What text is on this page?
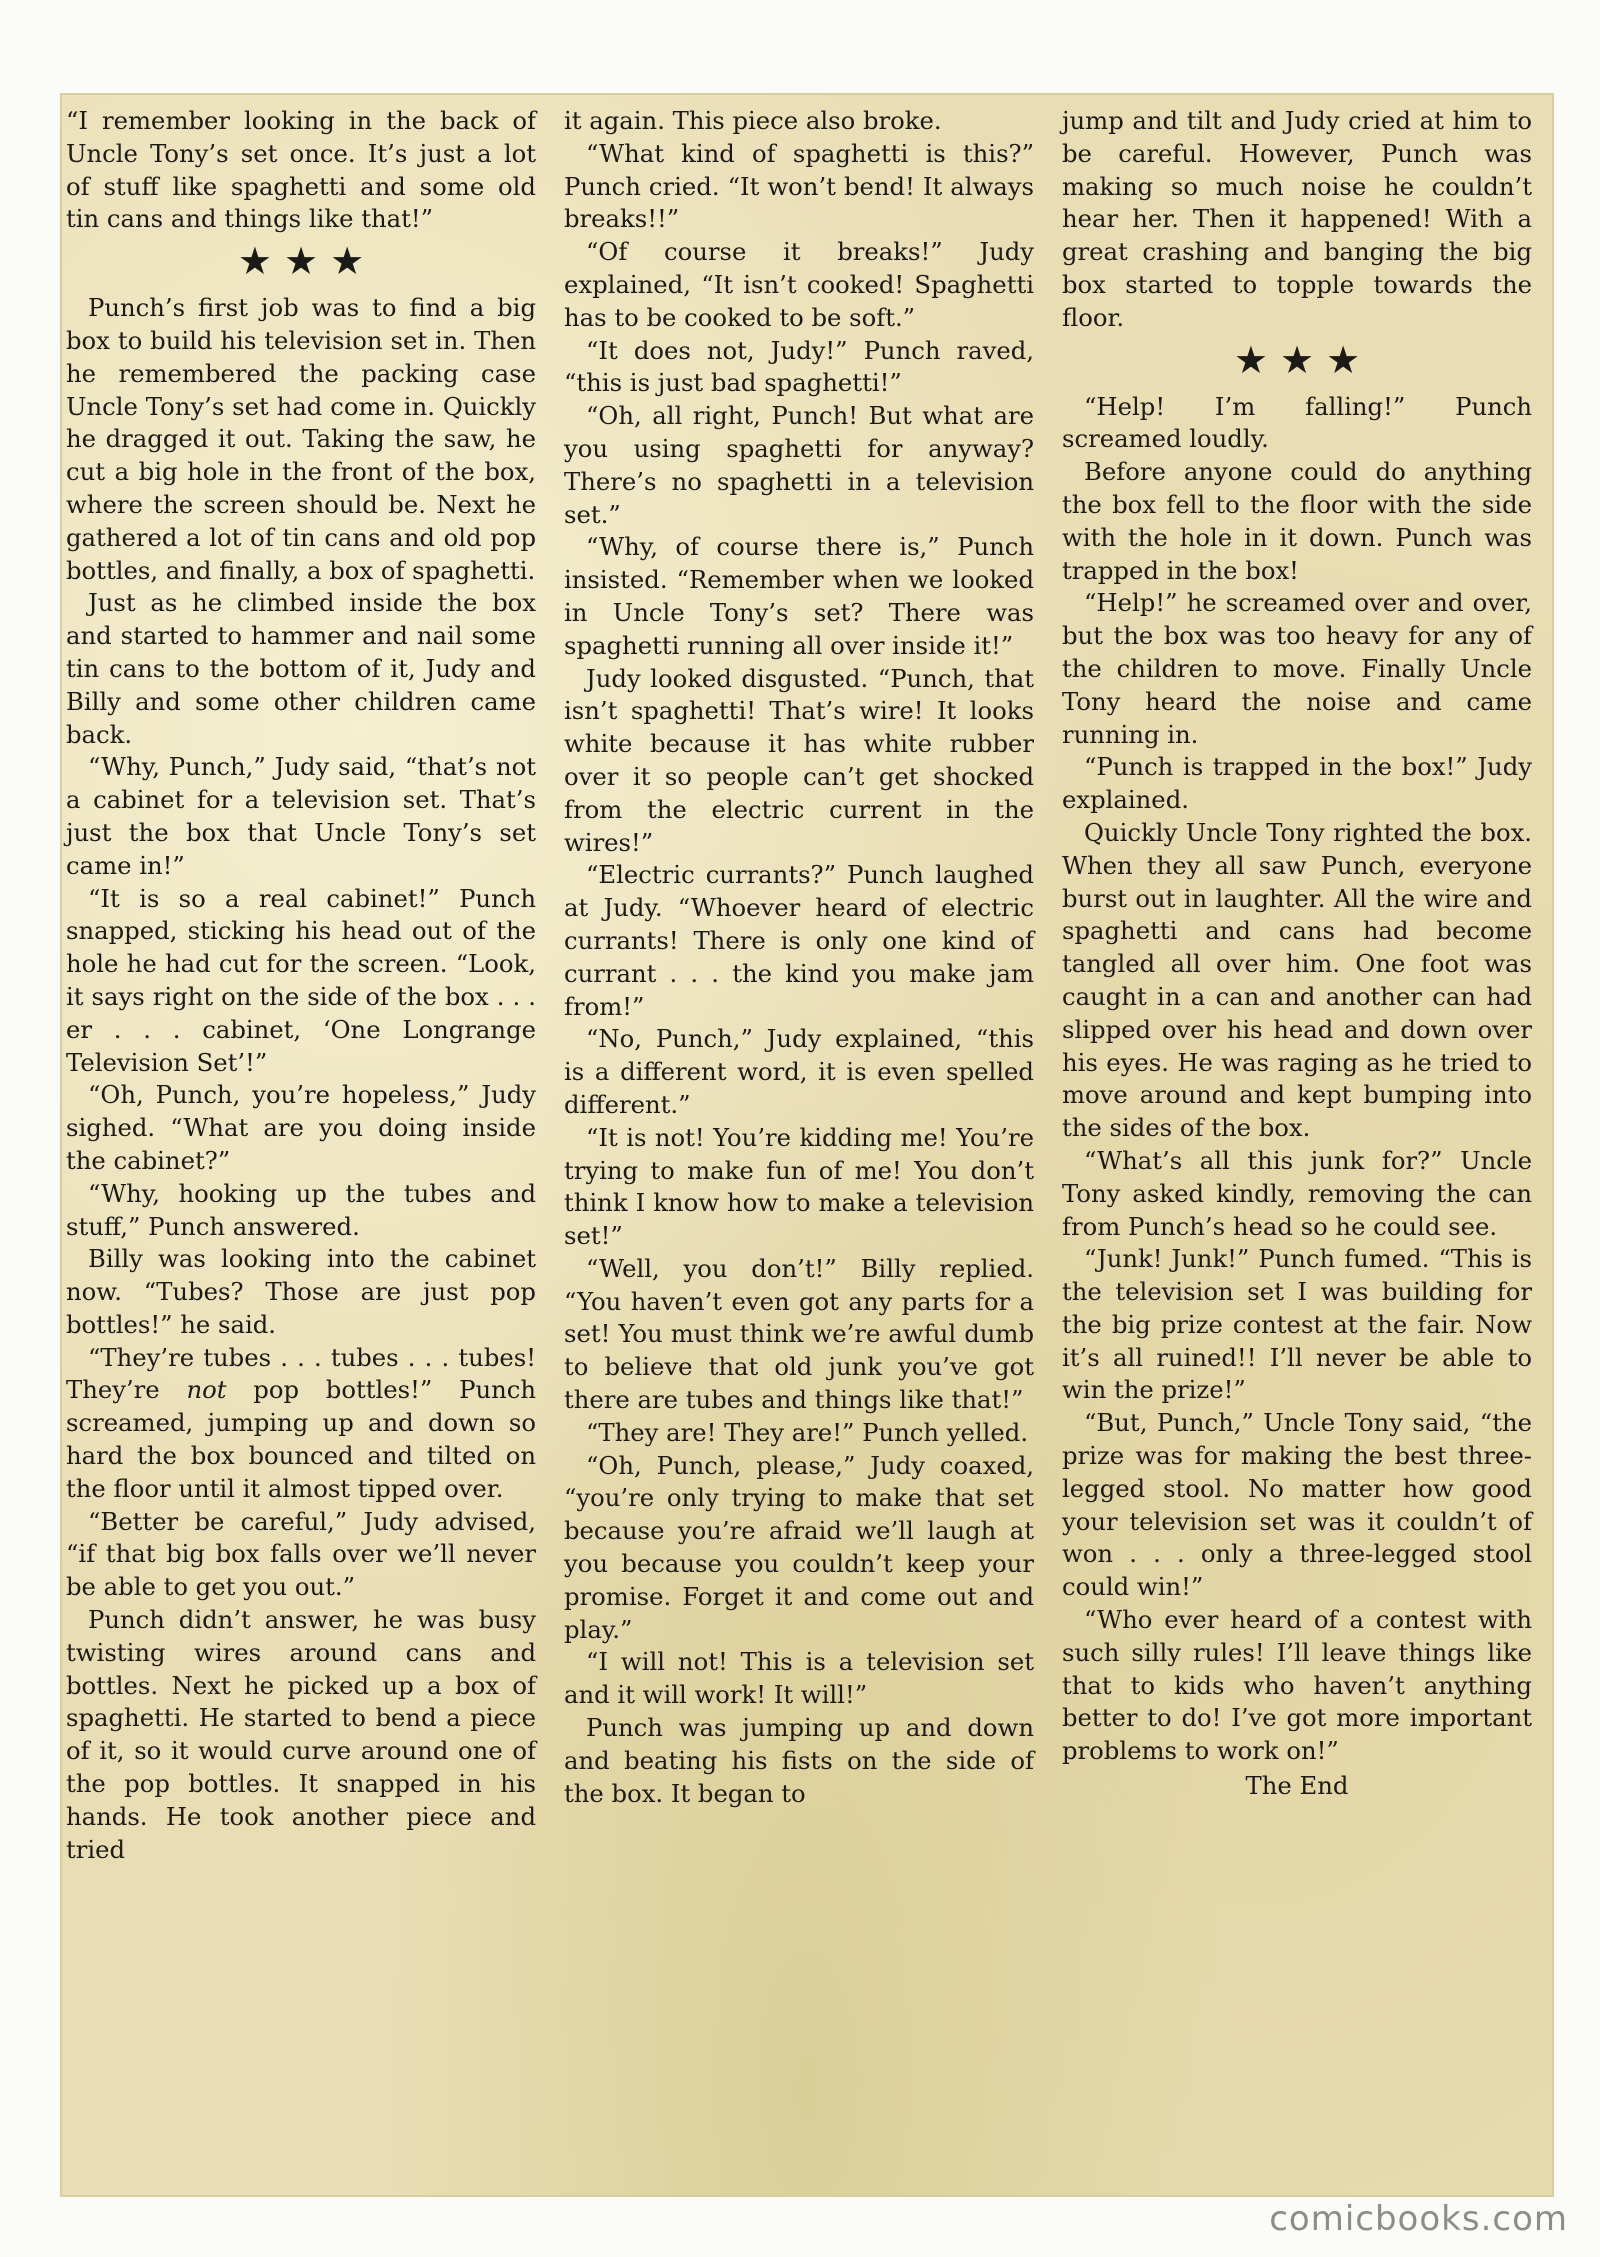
“I remember looking in the back of Uncle Tony’s set once. It’s just a lot of stuff like spaghetti and some old tin cans and things like that!”

★ ★ ★

Punch’s first job was to find a big box to build his television set in. Then he remembered the packing case Uncle Tony’s set had come in. Quickly he dragged it out. Taking the saw, he cut a big hole in the front of the box, where the screen should be. Next he gathered a lot of tin cans and old pop bottles, and finally, a box of spaghetti.

Just as he climbed inside the box and started to hammer and nail some tin cans to the bottom of it, Judy and Billy and some other children came back.

“Why, Punch,” Judy said, “that’s not a cabinet for a television set. That’s just the box that Uncle Tony’s set came in!”

“It is so a real cabinet!” Punch snapped, sticking his head out of the hole he had cut for the screen. “Look, it says right on the side of the box . . . er . . . cabinet, ‘One Longrange Television Set’!”

“Oh, Punch, you’re hopeless,” Judy sighed. “What are you doing inside the cabinet?”

“Why, hooking up the tubes and stuff,” Punch answered.

Billy was looking into the cabinet now. “Tubes? Those are just pop bottles!” he said.

“They’re tubes . . . tubes . . . tubes! They’re not pop bottles!” Punch screamed, jumping up and down so hard the box bounced and tilted on the floor until it almost tipped over.

“Better be careful,” Judy advised, “if that big box falls over we’ll never be able to get you out.”

Punch didn’t answer, he was busy twisting wires around cans and bottles. Next he picked up a box of spaghetti. He started to bend a piece of it, so it would curve around one of the pop bottles. It snapped in his hands. He took another piece and tried

it again. This piece also broke.

“What kind of spaghetti is this?” Punch cried. “It won’t bend! It always breaks!!”

“Of course it breaks!” Judy explained, “It isn’t cooked! Spaghetti has to be cooked to be soft.”

“It does not, Judy!” Punch raved, “this is just bad spaghetti!”

“Oh, all right, Punch! But what are you using spaghetti for anyway? There’s no spaghetti in a television set.”

“Why, of course there is,” Punch insisted. “Remember when we looked in Uncle Tony’s set? There was spaghetti running all over inside it!”

Judy looked disgusted. “Punch, that isn’t spaghetti! That’s wire! It looks white because it has white rubber over it so people can’t get shocked from the electric current in the wires!”

“Electric currants?” Punch laughed at Judy. “Whoever heard of electric currants! There is only one kind of currant . . . the kind you make jam from!”

“No, Punch,” Judy explained, “this is a different word, it is even spelled different.”

“It is not! You’re kidding me! You’re trying to make fun of me! You don’t think I know how to make a television set!”

“Well, you don’t!” Billy replied. “You haven’t even got any parts for a set! You must think we’re awful dumb to believe that old junk you’ve got there are tubes and things like that!”

“They are! They are!” Punch yelled.

“Oh, Punch, please,” Judy coaxed, “you’re only trying to make that set because you’re afraid we’ll laugh at you because you couldn’t keep your promise. Forget it and come out and play.”

“I will not! This is a television set and it will work! It will!”

Punch was jumping up and down and beating his fists on the side of the box. It began to

jump and tilt and Judy cried at him to be careful. However, Punch was making so much noise he couldn’t hear her. Then it happened! With a great crashing and banging the big box started to topple towards the floor.

★ ★ ★

“Help! I’m falling!” Punch screamed loudly.

Before anyone could do anything the box fell to the floor with the side with the hole in it down. Punch was trapped in the box!

“Help!” he screamed over and over, but the box was too heavy for any of the children to move. Finally Uncle Tony heard the noise and came running in.

“Punch is trapped in the box!” Judy explained.

Quickly Uncle Tony righted the box. When they all saw Punch, everyone burst out in laughter. All the wire and spaghetti and cans had become tangled all over him. One foot was caught in a can and another can had slipped over his head and down over his eyes. He was raging as he tried to move around and kept bumping into the sides of the box.

“What’s all this junk for?” Uncle Tony asked kindly, removing the can from Punch’s head so he could see.

“Junk! Junk!” Punch fumed. “This is the television set I was building for the big prize contest at the fair. Now it’s all ruined!! I’ll never be able to win the prize!”

“But, Punch,” Uncle Tony said, “the prize was for making the best three-legged stool. No matter how good your television set was it couldn’t of won . . . only a three-legged stool could win!”

“Who ever heard of a contest with such silly rules! I’ll leave things like that to kids who haven’t anything better to do! I’ve got more important problems to work on!”

The End

comicbooks.com
